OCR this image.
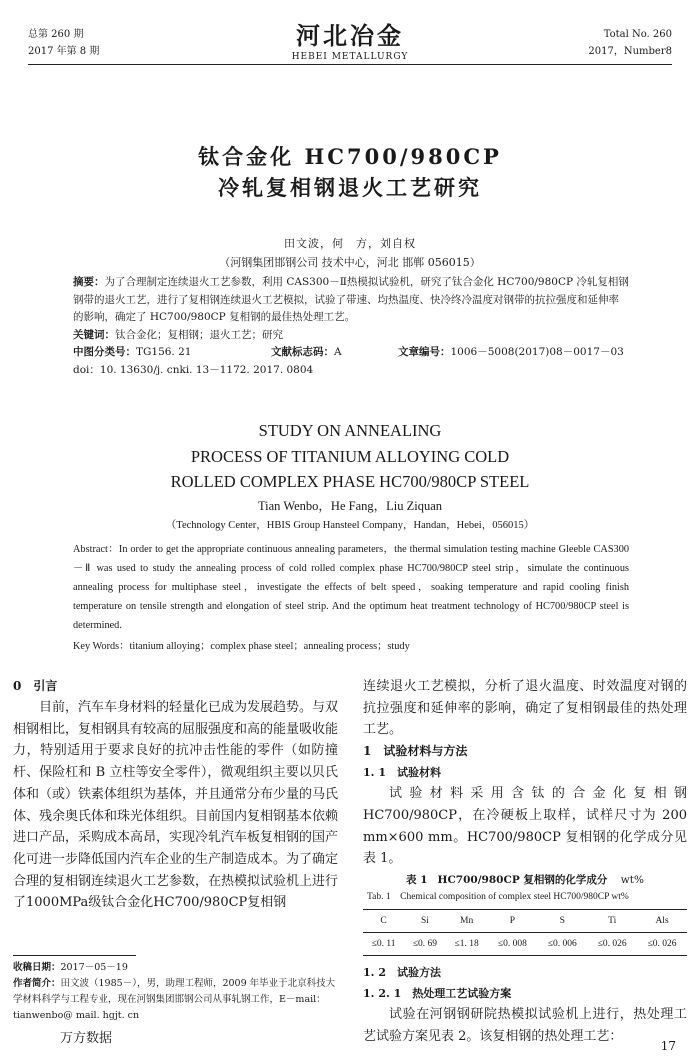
总第 260 期
2017 年第 8 期
河北冶金
HEBEI METALLURGY
Total No. 260
2017，Number8
钛合金化 HC700/980CP
冷轧复相钢退火工艺研究
田文波，何　方，刘自权
（河钢集团邯钢公司 技术中心，河北 邯郸 056015）
摘要：为了合理制定连续退火工艺参数，利用 CAS300－Ⅱ热模拟试验机，研究了钛合金化 HC700/980CP 冷轧复相钢钢带的退火工艺，进行了复相钢连续退火工艺模拟，试验了带速、均热温度、快冷终冷温度对钢带的抗拉强度和延伸率的影响，确定了 HC700/980CP 复相钢的最佳热处理工艺。
关键词：钛合金化；复相钢；退火工艺；研究
中图分类号：TG156. 21	文献标志码：A	文章编号：1006－5008(2017)08－0017－03
doi：10. 13630/j. cnki. 13－1172. 2017. 0804
STUDY ON ANNEALING
PROCESS OF TITANIUM ALLOYING COLD
ROLLED COMPLEX PHASE HC700/980CP STEEL
Tian Wenbo，He Fang，Liu Ziquan
（Technology Center，HBIS Group Hansteel Company，Handan，Hebei，056015）
Abstract：In order to get the appropriate continuous annealing parameters，the thermal simulation testing machine Gleeble CAS300－Ⅱ was used to study the annealing process of cold rolled complex phase HC700/980CP steel strip，simulate the continuous annealing process for multiphase steel，investigate the effects of belt speed，soaking temperature and rapid cooling finish temperature on tensile strength and elongation of steel strip. And the optimum heat treatment technology of HC700/980CP steel is determined.
Key Words：titanium alloying；complex phase steel；annealing process；study
0　引言
目前，汽车车身材料的轻量化已成为发展趋势。与双相钢相比，复相钢具有较高的屈服强度和高的能量吸收能力，特别适用于要求良好的抗冲击性能的零件（如防撞杆、保险杠和 B 立柱等安全零件），微观组织主要以贝氏体和（或）铁素体组织为基体，并且通常分布少量的马氏体、残余奥氏体和珠光体组织。目前国内复相钢基本依赖进口产品，采购成本高昂，实现冷轧汽车板复相钢的国产化可进一步降低国内汽车企业的生产制造成本。为了确定合理的复相钢连续退火工艺参数，在热模拟试验机上进行了1000MPa级钛合金化HC700/980CP复相钢
收稿日期：2017－05－19
作者简介：田文波（1985－），男，助理工程师，2009 年毕业于北京科技大学材料科学与工程专业，现在河钢集团邯钢公司从事轧钢工作，E－mail：tianwenbo@ mail. hgjt. cn
万方数据
连续退火工艺模拟，分析了退火温度、时效温度对钢的抗拉强度和延伸率的影响，确定了复相钢最佳的热处理工艺。
1　试验材料与方法
1. 1　试验材料
试验材料采用含钛的合金化复相钢 HC700/980CP，在冷硬板上取样，试样尺寸为 200 mm×600 mm。HC700/980CP 复相钢的化学成分见表 1。
表 1 HC700/980CP 复相钢的化学成分 wt%
Tab. 1　Chemical composition of complex steel HC700/980CP wt%
C	Si	Mn	P	S	Ti	Als
≤0. 11	≤0. 69	≤1. 18	≤0. 008	≤0. 006	≤0. 026	≤0. 026
1. 2　试验方法
1. 2. 1　热处理工艺试验方案
试验在河钢钢研院热模拟试验机上进行，热处理工艺试验方案见表 2。该复相钢的热处理工艺：
17
